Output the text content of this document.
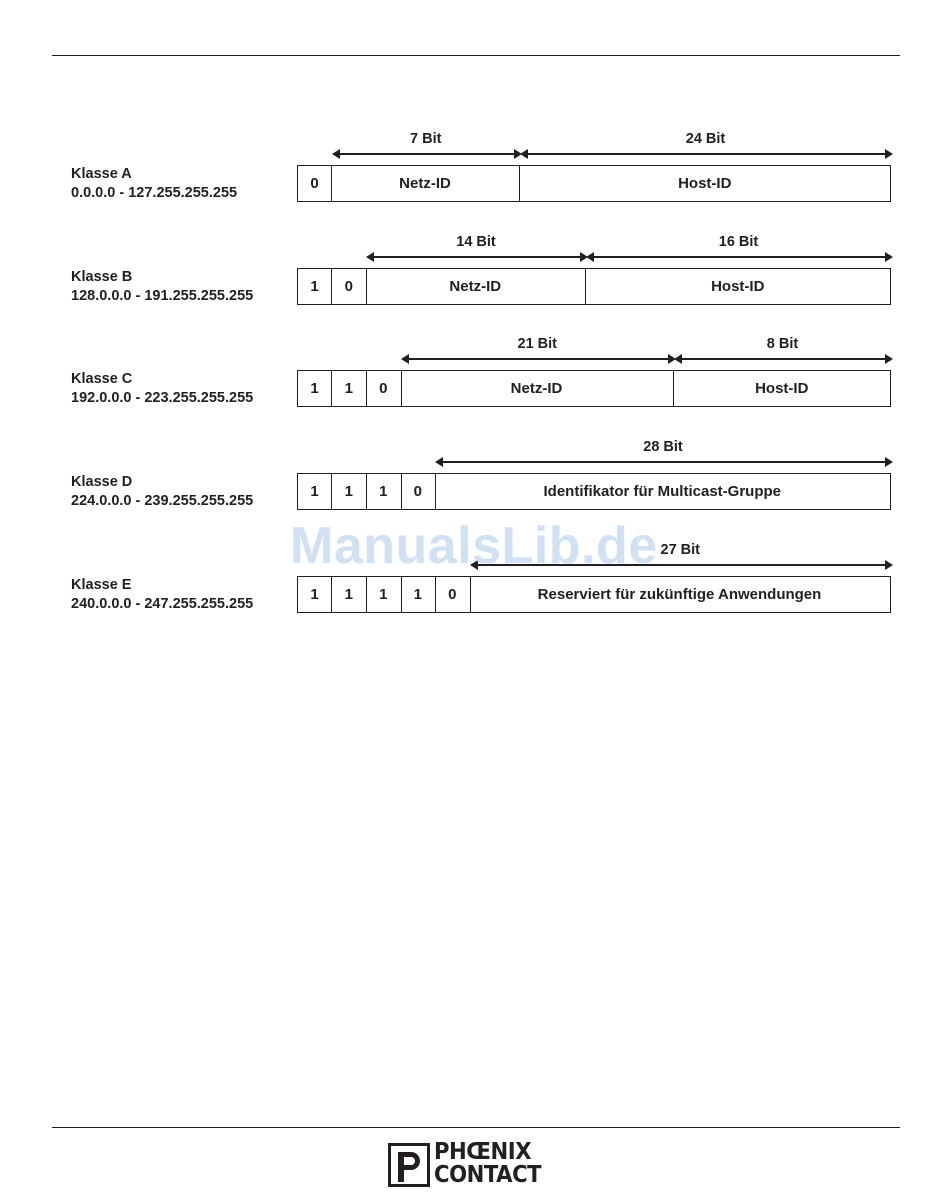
Klasse A
0.0.0.0 - 127.255.255.255
7 Bit	24 Bit
0	Netz-ID	Host-ID
Klasse B
128.0.0.0 - 191.255.255.255
14 Bit	16 Bit
1	0	Netz-ID	Host-ID
Klasse C
192.0.0.0 - 223.255.255.255
21 Bit	8 Bit
1	1	0	Netz-ID	Host-ID
Klasse D
224.0.0.0 - 239.255.255.255
28 Bit
1	1	1	0	Identifikator für Multicast-Gruppe
Klasse E
240.0.0.0 - 247.255.255.255
27 Bit
1	1	1	1	0	Reserviert für zukünftige Anwendungen
ManualsLib.de
PHŒNIX
CONTACT
